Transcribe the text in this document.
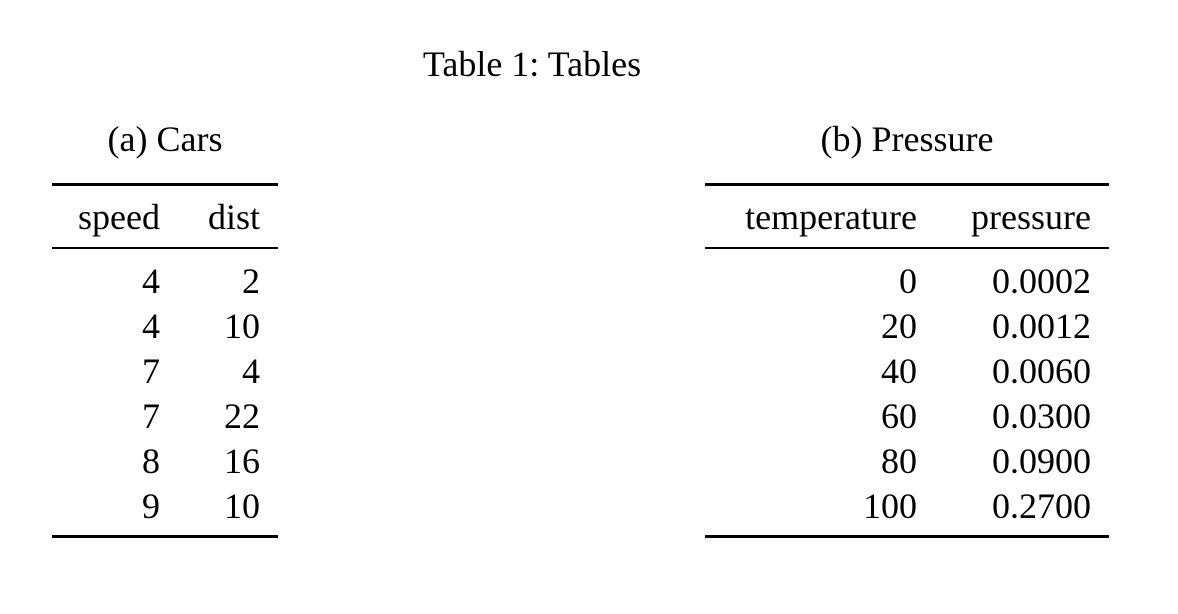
Table 1: Tables
(a) Cars
speed	dist
4	2
4	10
7	4
7	22
8	16
9	10
(b) Pressure
temperature	pressure
0	0.0002
20	0.0012
40	0.0060
60	0.0300
80	0.0900
100	0.2700
